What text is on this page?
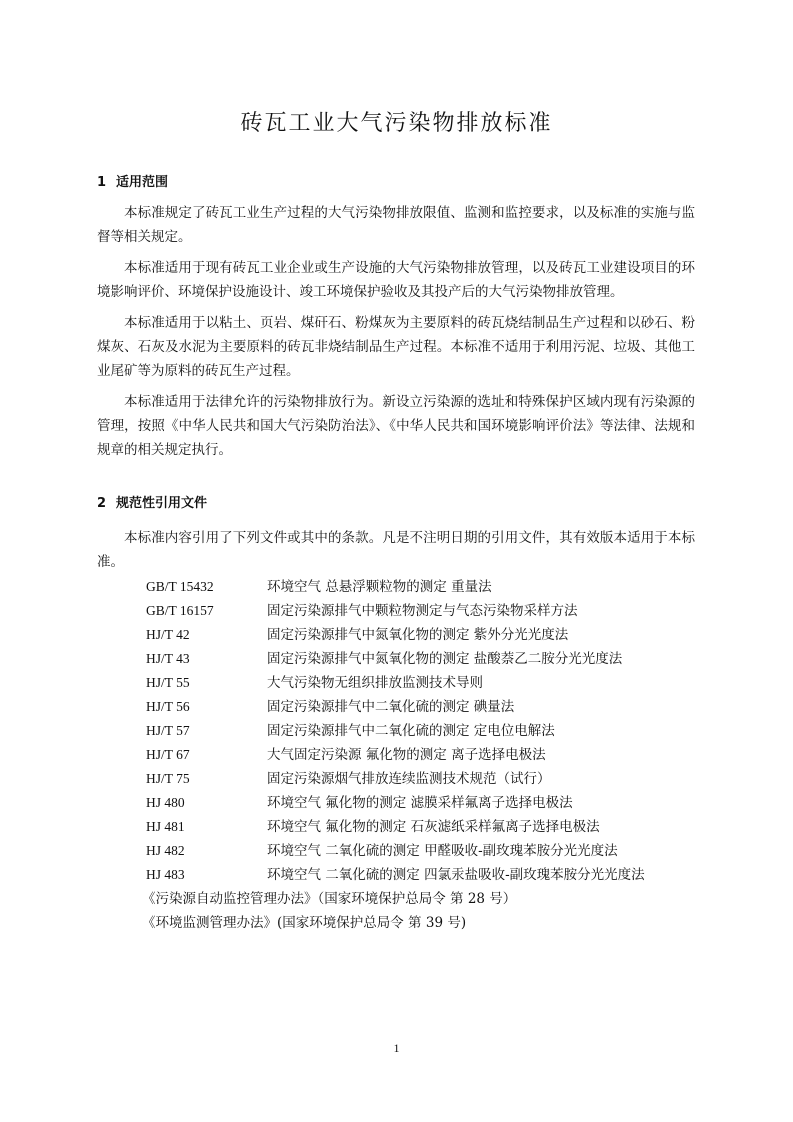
砖瓦工业大气污染物排放标准
1 适用范围
本标准规定了砖瓦工业生产过程的大气污染物排放限值、监测和监控要求，以及标准的实施与监督等相关规定。
本标准适用于现有砖瓦工业企业或生产设施的大气污染物排放管理，以及砖瓦工业建设项目的环境影响评价、环境保护设施设计、竣工环境保护验收及其投产后的大气污染物排放管理。
本标准适用于以粘土、页岩、煤矸石、粉煤灰为主要原料的砖瓦烧结制品生产过程和以砂石、粉煤灰、石灰及水泥为主要原料的砖瓦非烧结制品生产过程。本标准不适用于利用污泥、垃圾、其他工业尾矿等为原料的砖瓦生产过程。
本标准适用于法律允许的污染物排放行为。新设立污染源的选址和特殊保护区域内现有污染源的管理，按照《中华人民共和国大气污染防治法》、《中华人民共和国环境影响评价法》等法律、法规和规章的相关规定执行。
2 规范性引用文件
本标准内容引用了下列文件或其中的条款。凡是不注明日期的引用文件，其有效版本适用于本标准。
GB/T 15432	环境空气 总悬浮颗粒物的测定 重量法
GB/T 16157	固定污染源排气中颗粒物测定与气态污染物采样方法
HJ/T 42	固定污染源排气中氮氧化物的测定 紫外分光光度法
HJ/T 43	固定污染源排气中氮氧化物的测定 盐酸萘乙二胺分光光度法
HJ/T 55	大气污染物无组织排放监测技术导则
HJ/T 56	固定污染源排气中二氧化硫的测定 碘量法
HJ/T 57	固定污染源排气中二氧化硫的测定 定电位电解法
HJ/T 67	大气固定污染源 氟化物的测定 离子选择电极法
HJ/T 75	固定污染源烟气排放连续监测技术规范（试行）
HJ 480	环境空气 氟化物的测定 滤膜采样氟离子选择电极法
HJ 481	环境空气 氟化物的测定 石灰滤纸采样氟离子选择电极法
HJ 482	环境空气 二氧化硫的测定 甲醛吸收-副玫瑰苯胺分光光度法
HJ 483	环境空气 二氧化硫的测定 四氯汞盐吸收-副玫瑰苯胺分光光度法
《污染源自动监控管理办法》（国家环境保护总局令 第 28 号）
《环境监测管理办法》(国家环境保护总局令 第 39 号)
1
